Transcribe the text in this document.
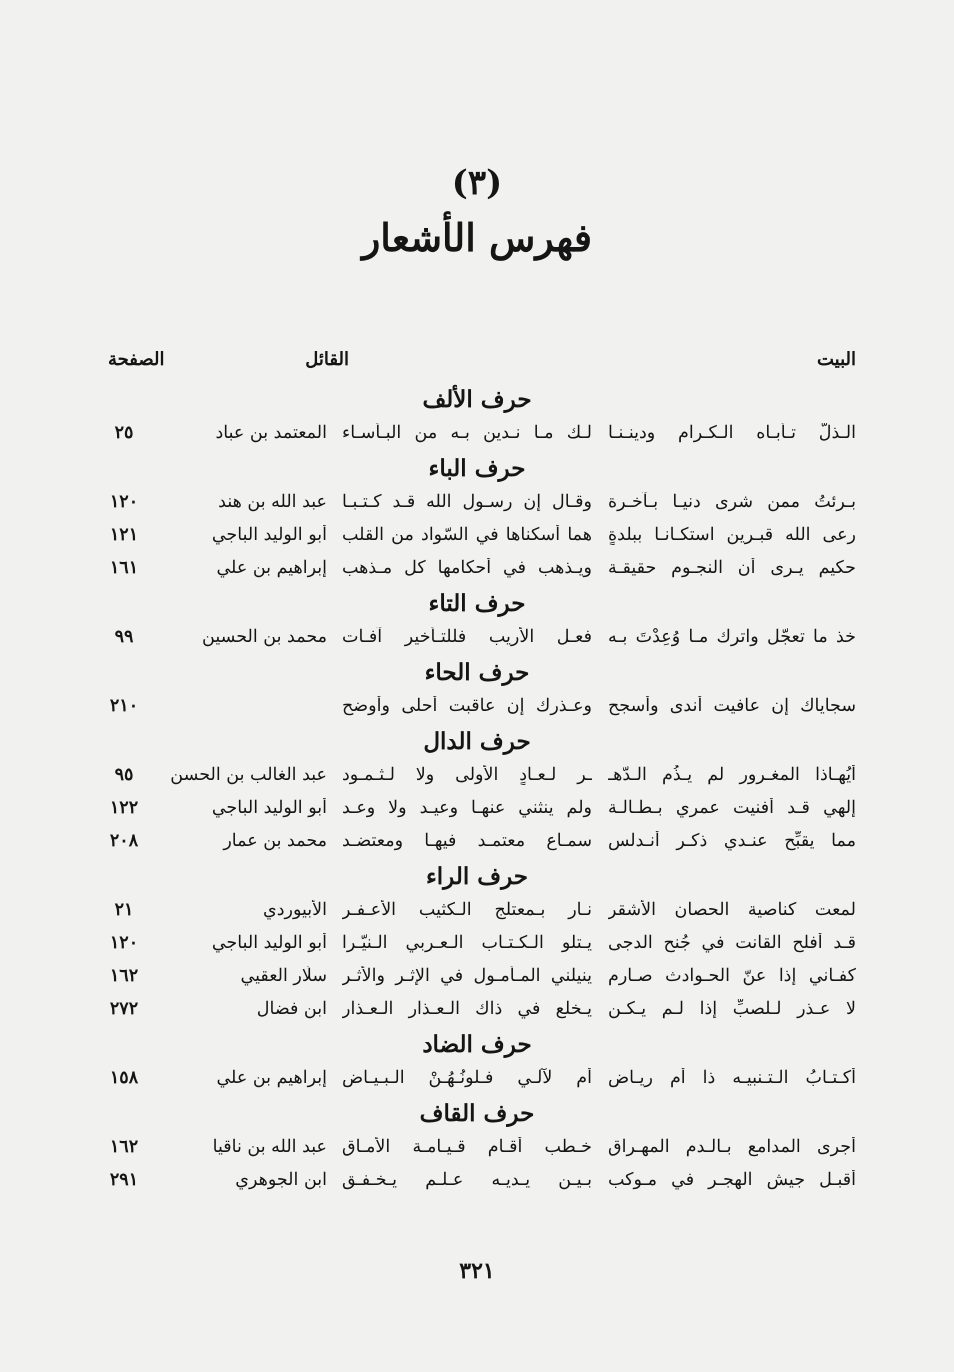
(٣)
فهرس الأشعار
البيت
القائل
الصفحة
حرف الألف
الـذلُّ تـأبـاه الـكـرام ودينـنـا
لـك مـا نـدين بـه من البـأسـاء
المعتمد بن عباد
٢٥
حرف الباء
بـرئتُ ممن شرى دنيـا بـآخـرة
وقـال إن رسـول الله قـد كـتـبـا
عبد الله بن هند
١٢٠
رعى الله قبـرين استكـانـا ببلدةٍ
هما أسكناها في السّواد من القلب
أبو الوليد الباجي
١٢١
حكيم يـرى أن النجـوم حقيقـة
ويـذهب في أحكامها كل مـذهب
إبراهيم بن علي
١٦١
حرف التاء
خذ ما تعجّل واترك مـا وُعِدْتَ بـه
فعـل الأريب فللتـأخير آفـات
محمد بن الحسين
٩٩
حرف الحاء
سجاياك إن عافيت أندى وأسجح
وعـذرك إن عاقبت أحلى وأوضح
٢١٠
حرف الدال
أيُهـاذا المغـرور لم يـذُم الـدّهـ
ـر لـعـادٍ الأولى ولا لـثـمـود
عبد الغالب بن الحسن
٩٥
إلهي قـد أفنيت عمري بـطـالـة
ولم ينثني عنهـا وعيـد ولا وعـد
أبو الوليد الباجي
١٢٢
مما يقبِّح عنـدي ذكـر أنـدلس
سمـاع معتمـد فيهـا ومعتضـد
محمد بن عمار
٢٠٨
حرف الراء
لمعت كناصية الحصان الأشقر
نـار بـمعتلج الـكثيب الأعـفـر
الأبيوردي
٢١
قـد أفلح القانت في جُنح الدجى
يـتلو الـكـتـاب الـعـربي الـنيّـرا
أبو الوليد الباجي
١٢٠
كفـاني إذا عنّ الحـوادث صـارم
ينيلني المـأمـول في الإثـر والأثـر
سلّار العقيي
١٦٢
لا عـذر لـلصبِّ إذا لـم يـكـن
يـخلع في ذاك الـعـذار الـعـذار
ابن فضال
٢٧٢
حرف الضاد
أكـتـابُ الـتـنبيـه ذا أم ريـاض
أم لآلـي فـلونُـهُـنْ الـبـيـاض
إبراهيم بن علي
١٥٨
حرف القاف
أجرى المدامع بـالـدم المهـراق
خـطب أقـام قـيـامـة الأمـاق
عبد الله بن ناقيا
١٦٢
أقبـل جيش الهجـر في مـوكب
بـيـن يـديـه عـلـم يـخـفـق
ابن الجوهري
٢٩١
٣٢١
